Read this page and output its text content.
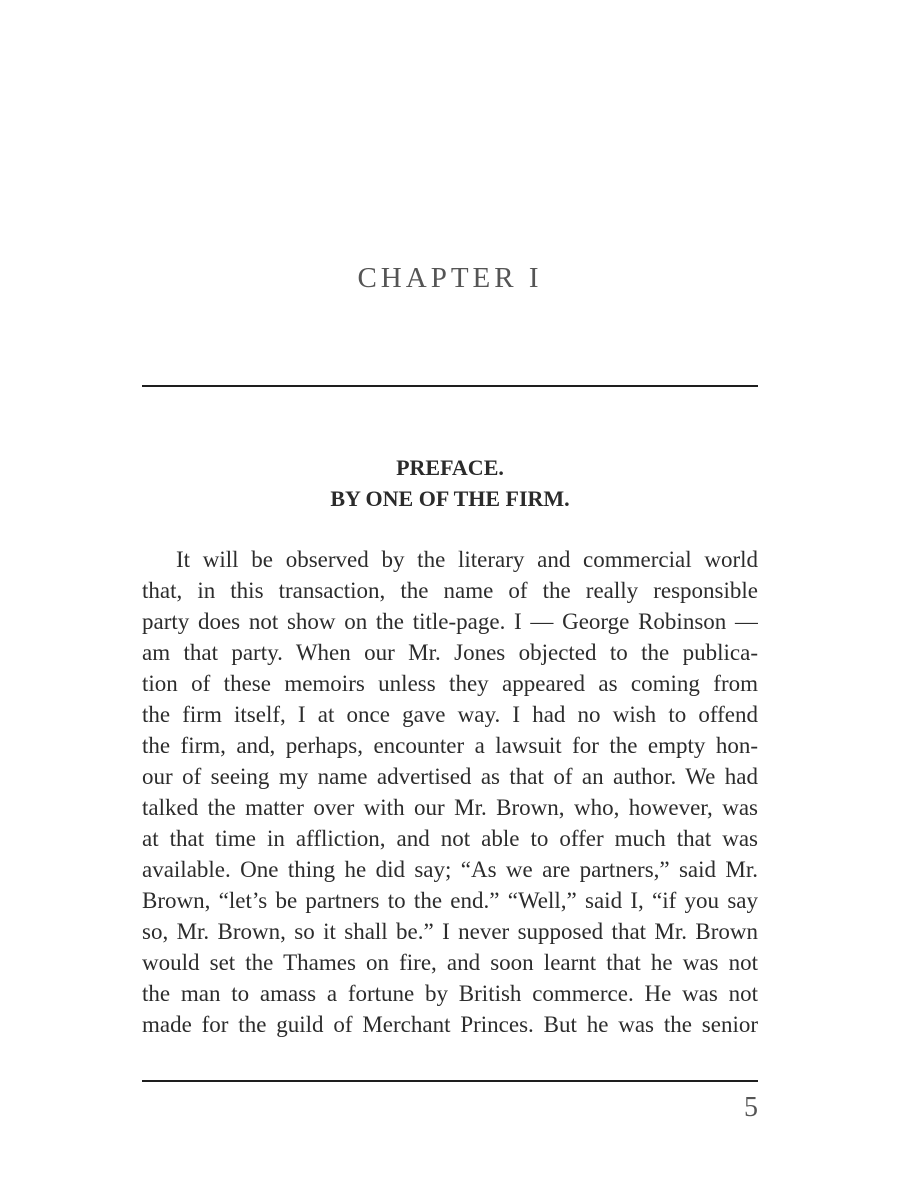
CHAPTER I
PREFACE.
BY ONE OF THE FIRM.
It will be observed by the literary and commercial world
that, in this transaction, the name of the really responsible
party does not show on the title-page. I — George Robinson —
am that party. When our Mr. Jones objected to the publica-
tion of these memoirs unless they appeared as coming from
the firm itself, I at once gave way. I had no wish to offend
the firm, and, perhaps, encounter a lawsuit for the empty hon-
our of seeing my name advertised as that of an author. We had
talked the matter over with our Mr. Brown, who, however, was
at that time in affliction, and not able to offer much that was
available. One thing he did say; “As we are partners,” said Mr.
Brown, “let’s be partners to the end.” “Well,” said I, “if you say
so, Mr. Brown, so it shall be.” I never supposed that Mr. Brown
would set the Thames on fire, and soon learnt that he was not
the man to amass a fortune by British commerce. He was not
made for the guild of Merchant Princes. But he was the senior
5
